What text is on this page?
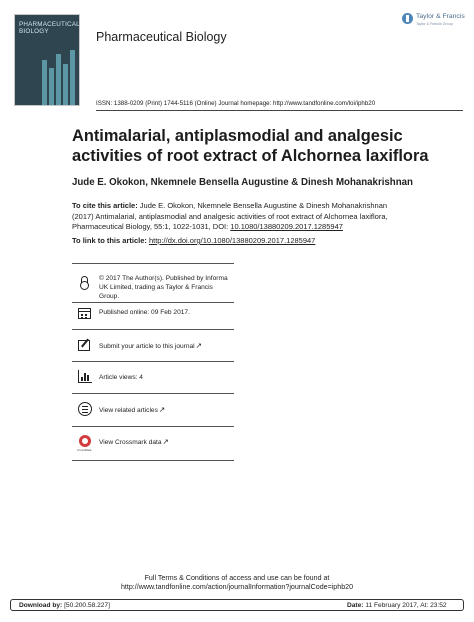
PHARMACEUTICAL
BIOLOGY	Pharmaceutical Biology
Taylor & Francis
Taylor & Francis Group
ISSN: 1388-0209 (Print) 1744-5116 (Online) Journal homepage: http://www.tandfonline.com/loi/iphb20
Antimalarial, antiplasmodial and analgesic
activities of root extract of Alchornea laxiflora
Jude E. Okokon, Nkemnele Bensella Augustine & Dinesh Mohanakrishnan
To cite this article: Jude E. Okokon, Nkemnele Bensella Augustine & Dinesh Mohanakrishnan
(2017) Antimalarial, antiplasmodial and analgesic activities of root extract of Alchornea laxiflora,
Pharmaceutical Biology, 55:1, 1022-1031, DOI: 10.1080/13880209.2017.1285947
To link to this article: http://dx.doi.org/10.1080/13880209.2017.1285947
© 2017 The Author(s). Published by Informa
UK Limited, trading as Taylor & Francis
Group.
Published online: 09 Feb 2017.
Submit your article to this journal↗
Article views: 4
View related articles↗
CrossMark
View Crossmark data↗
Full Terms & Conditions of access and use can be found at
http://www.tandfonline.com/action/journalInformation?journalCode=iphb20
Download by: [50.200.58.227]	Date: 11 February 2017, At: 23:52
